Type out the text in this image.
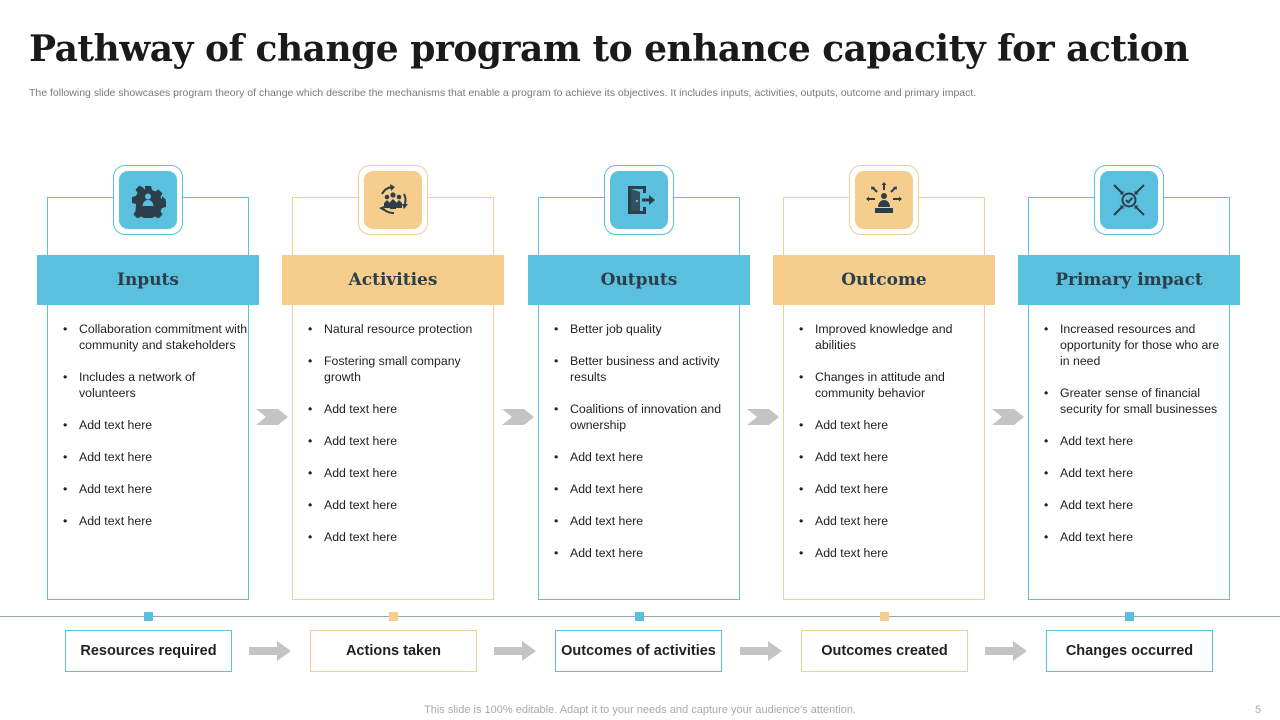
Pathway of change program to enhance capacity for action
The following slide showcases program theory of change which describe the mechanisms that enable a program to achieve its objectives. It includes inputs, activities, outputs, outcome and primary impact.
Inputs
• Collaboration commitment with community and stakeholders
• Includes a network of volunteers
• Add text here
• Add text here
• Add text here
• Add text here
Activities
• Natural resource protection
• Fostering small company growth
• Add text here
• Add text here
• Add text here
• Add text here
• Add text here
Outputs
• Better job quality
• Better business and activity results
• Coalitions of innovation and ownership
• Add text here
• Add text here
• Add text here
• Add text here
Outcome
• Improved knowledge and abilities
• Changes in attitude and community behavior
• Add text here
• Add text here
• Add text here
• Add text here
• Add text here
Primary impact
• Increased resources and opportunity for those who are in need
• Greater sense of financial security for small businesses
• Add text here
• Add text here
• Add text here
• Add text here
Resources required	Actions taken	Outcomes of activities	Outcomes created	Changes occurred
This slide is 100% editable. Adapt it to your needs and capture your audience's attention.	5
